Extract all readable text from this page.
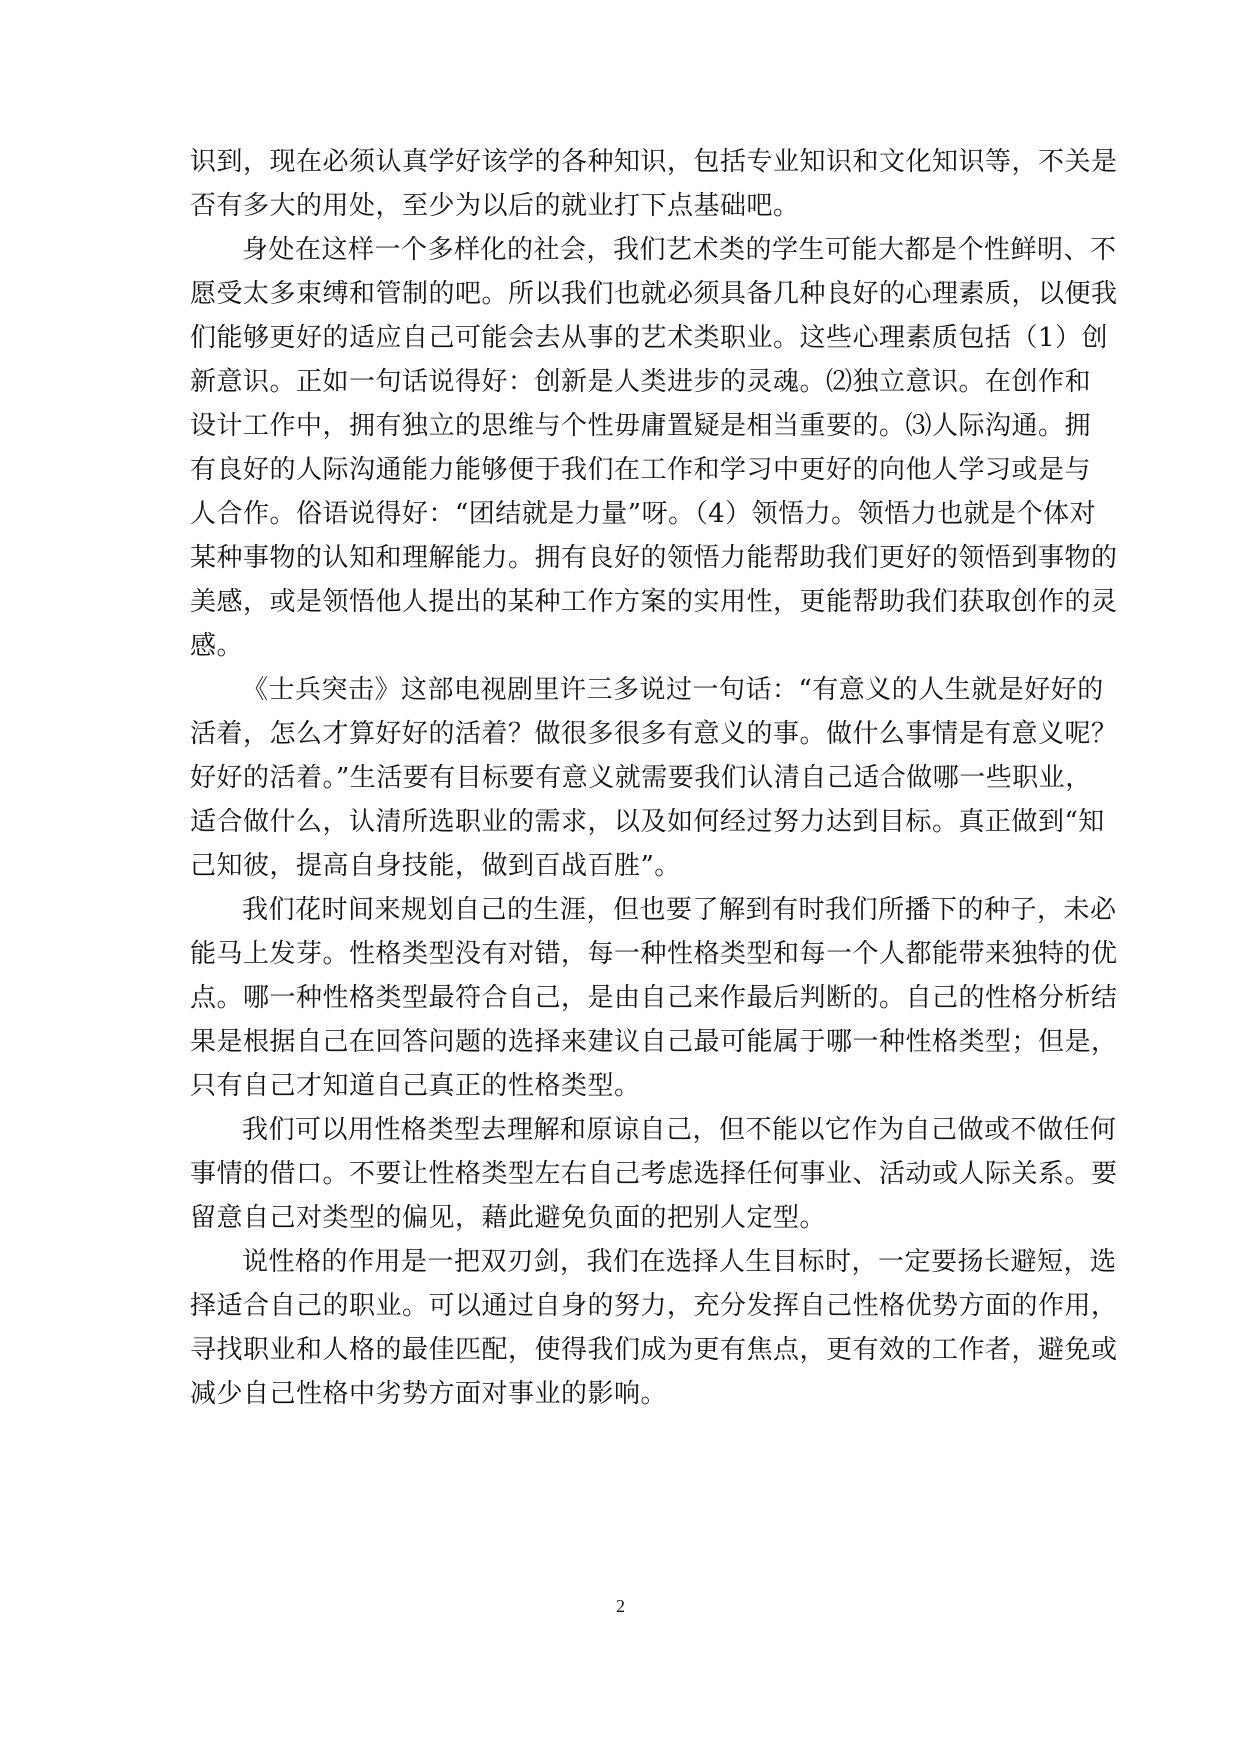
识到，现在必须认真学好该学的各种知识，包括专业知识和文化知识等，不关是
否有多大的用处，至少为以后的就业打下点基础吧。
身处在这样一个多样化的社会，我们艺术类的学生可能大都是个性鲜明、不
愿受太多束缚和管制的吧。所以我们也就必须具备几种良好的心理素质，以便我
们能够更好的适应自己可能会去从事的艺术类职业。这些心理素质包括（1）创
新意识。正如一句话说得好：创新是人类进步的灵魂。⑵独立意识。在创作和
设计工作中，拥有独立的思维与个性毋庸置疑是相当重要的。⑶人际沟通。拥
有良好的人际沟通能力能够便于我们在工作和学习中更好的向他人学习或是与
人合作。俗语说得好：“团结就是力量”呀。（4）领悟力。领悟力也就是个体对
某种事物的认知和理解能力。拥有良好的领悟力能帮助我们更好的领悟到事物的
美感，或是领悟他人提出的某种工作方案的实用性，更能帮助我们获取创作的灵
感。
《士兵突击》这部电视剧里许三多说过一句话：“有意义的人生就是好好的
活着，怎么才算好好的活着？做很多很多有意义的事。做什么事情是有意义呢？
好好的活着。”生活要有目标要有意义就需要我们认清自己适合做哪一些职业，
适合做什么，认清所选职业的需求，以及如何经过努力达到目标。真正做到“知
己知彼，提高自身技能，做到百战百胜”。
我们花时间来规划自己的生涯，但也要了解到有时我们所播下的种子，未必
能马上发芽。性格类型没有对错，每一种性格类型和每一个人都能带来独特的优
点。哪一种性格类型最符合自己，是由自己来作最后判断的。自己的性格分析结
果是根据自己在回答问题的选择来建议自己最可能属于哪一种性格类型；但是，
只有自己才知道自己真正的性格类型。
我们可以用性格类型去理解和原谅自己，但不能以它作为自己做或不做任何
事情的借口。不要让性格类型左右自己考虑选择任何事业、活动或人际关系。要
留意自己对类型的偏见，藉此避免负面的把别人定型。
说性格的作用是一把双刃剑，我们在选择人生目标时，一定要扬长避短，选
择适合自己的职业。可以通过自身的努力，充分发挥自己性格优势方面的作用，
寻找职业和人格的最佳匹配，使得我们成为更有焦点，更有效的工作者，避免或
减少自己性格中劣势方面对事业的影响。
2
